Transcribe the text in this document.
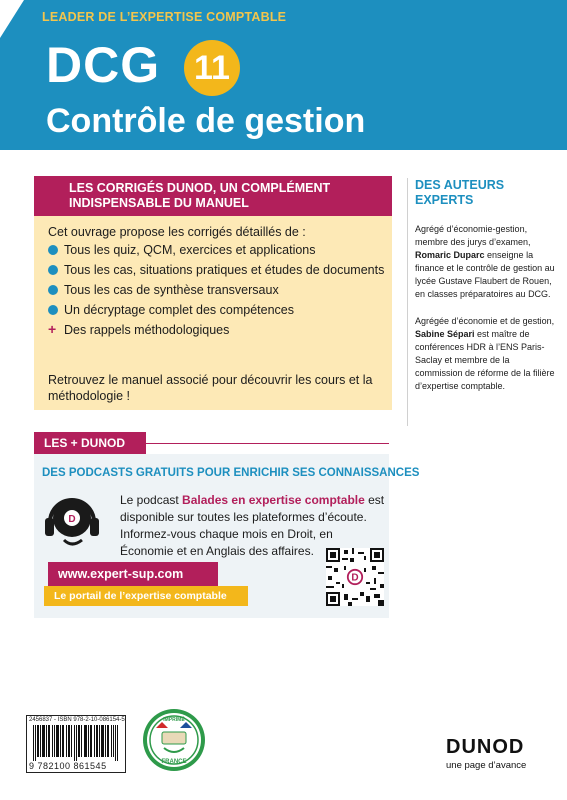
LEADER DE L’EXPERTISE COMPTABLE
DCG 11
Contrôle de gestion
LES CORRIGÉS DUNOD, UN COMPLÉMENT INDISPENSABLE DU MANUEL
Cet ouvrage propose les corrigés détaillés de :
Tous les quiz, QCM, exercices et applications
Tous les cas, situations pratiques et études de documents
Tous les cas de synthèse transversaux
Un décryptage complet des compétences
+ Des rappels méthodologiques
Retrouvez le manuel associé pour découvrir les cours et la méthodologie !
DES AUTEURS EXPERTS
Agrégé d’économie-gestion, membre des jurys d’examen, Romaric Duparc enseigne la finance et le contrôle de gestion au lycée Gustave Flaubert de Rouen, en classes préparatoires au DCG.
Agrégée d’économie et de gestion, Sabine Sépari est maître de conférences HDR à l’ENS Paris-Saclay et membre de la commission de réforme de la filière d’expertise comptable.
LES + DUNOD
DES PODCASTS GRATUITS POUR ENRICHIR SES CONNAISSANCES
D
Le podcast Balades en expertise comptable est disponible sur toutes les plateformes d’écoute. Informez-vous chaque mois en Droit, en Économie et en Anglais des affaires.
www.expert-sup.com
Le portail de l’expertise comptable
D
2456837 - ISBN 978-2-10-086154-5
9 782100 861545	FRANCE
IMPRIMÉ
DUNOD
une page d’avance
